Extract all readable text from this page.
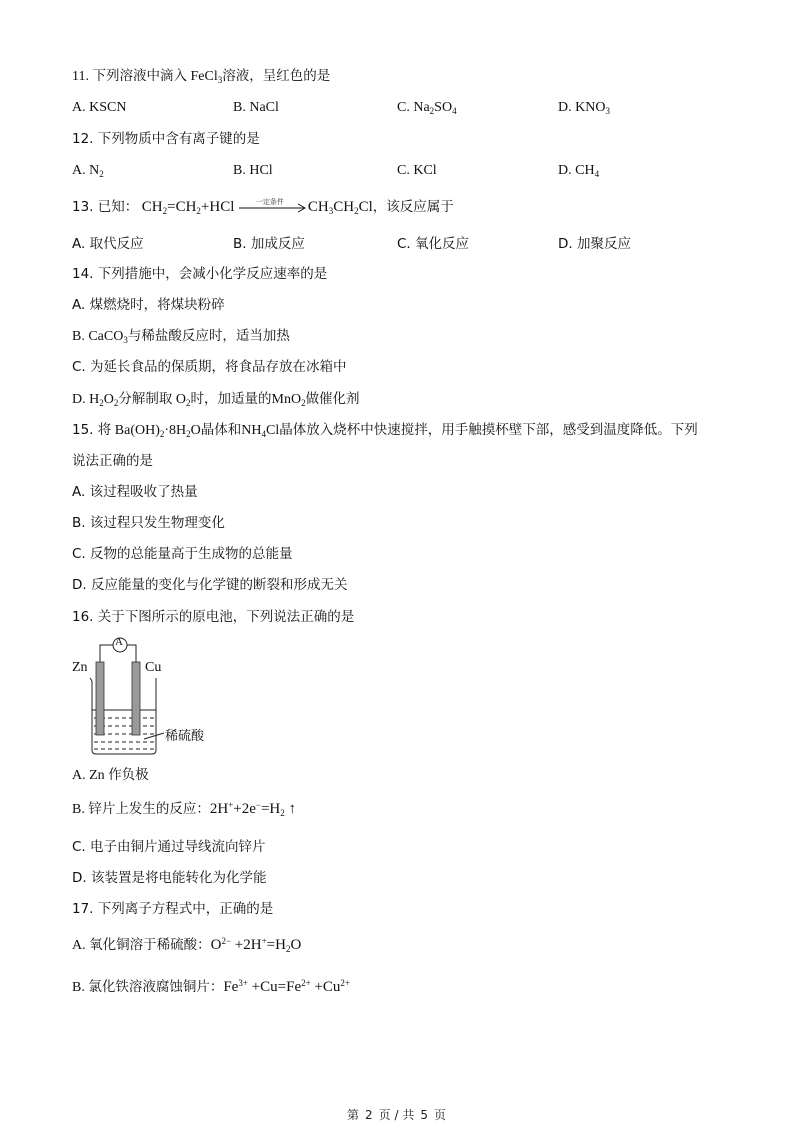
11. 下列溶液中滴入 FeCl$_3$溶液，呈红色的是
A. KSCN	B. NaCl	C. $Na_2SO_4$	D. $KNO_3$
12. 下列物质中含有离子键的是
A. $N_2$	B. HCl	C. KCl	D. $CH_4$
13. 已知： $CH_2=CH_2+HCl$	一定条件	$CH_3CH_2Cl$，该反应属于
A. 取代反应	B. 加成反应	C. 氧化反应	D. 加聚反应
14. 下列措施中，会减小化学反应速率的是
A. 煤燃烧时，将煤块粉碎
B. CaCO$_3$与稀盐酸反应时，适当加热
C. 为延长食品的保质期，将食品存放在冰箱中
D. $H_2O_2$分解制取 $O_2$时，加适量的MnO$_2$做催化剂
15. 将 $Ba(OH)_2\cdot 8H_2O$晶体和$NH_4Cl$晶体放入烧杯中快速搅拌，用手触摸杯壁下部，感受到温度降低。下列
说法正确的是
A. 该过程吸收了热量
B. 该过程只发生物理变化
C. 反物的总能量高于生成物的总能量
D. 反应能量的变化与化学键的断裂和形成无关
16. 关于下图所示的原电池，下列说法正确的是
A
Zn	Cu
稀硫酸
A. Zn 作负极
B. 锌片上发生的反应：$2H^++2e^-=H_2$ ↑
C. 电子由铜片通过导线流向锌片
D. 该装置是将电能转化为化学能
17. 下列离子方程式中，正确的是
A. 氧化铜溶于稀硫酸：$O^{2-} +2H^+=H_2O$
B. 氯化铁溶液腐蚀铜片：$Fe^{3+} +Cu=Fe^{2+} +Cu^{2+}$
第 2 页 / 共 5 页
